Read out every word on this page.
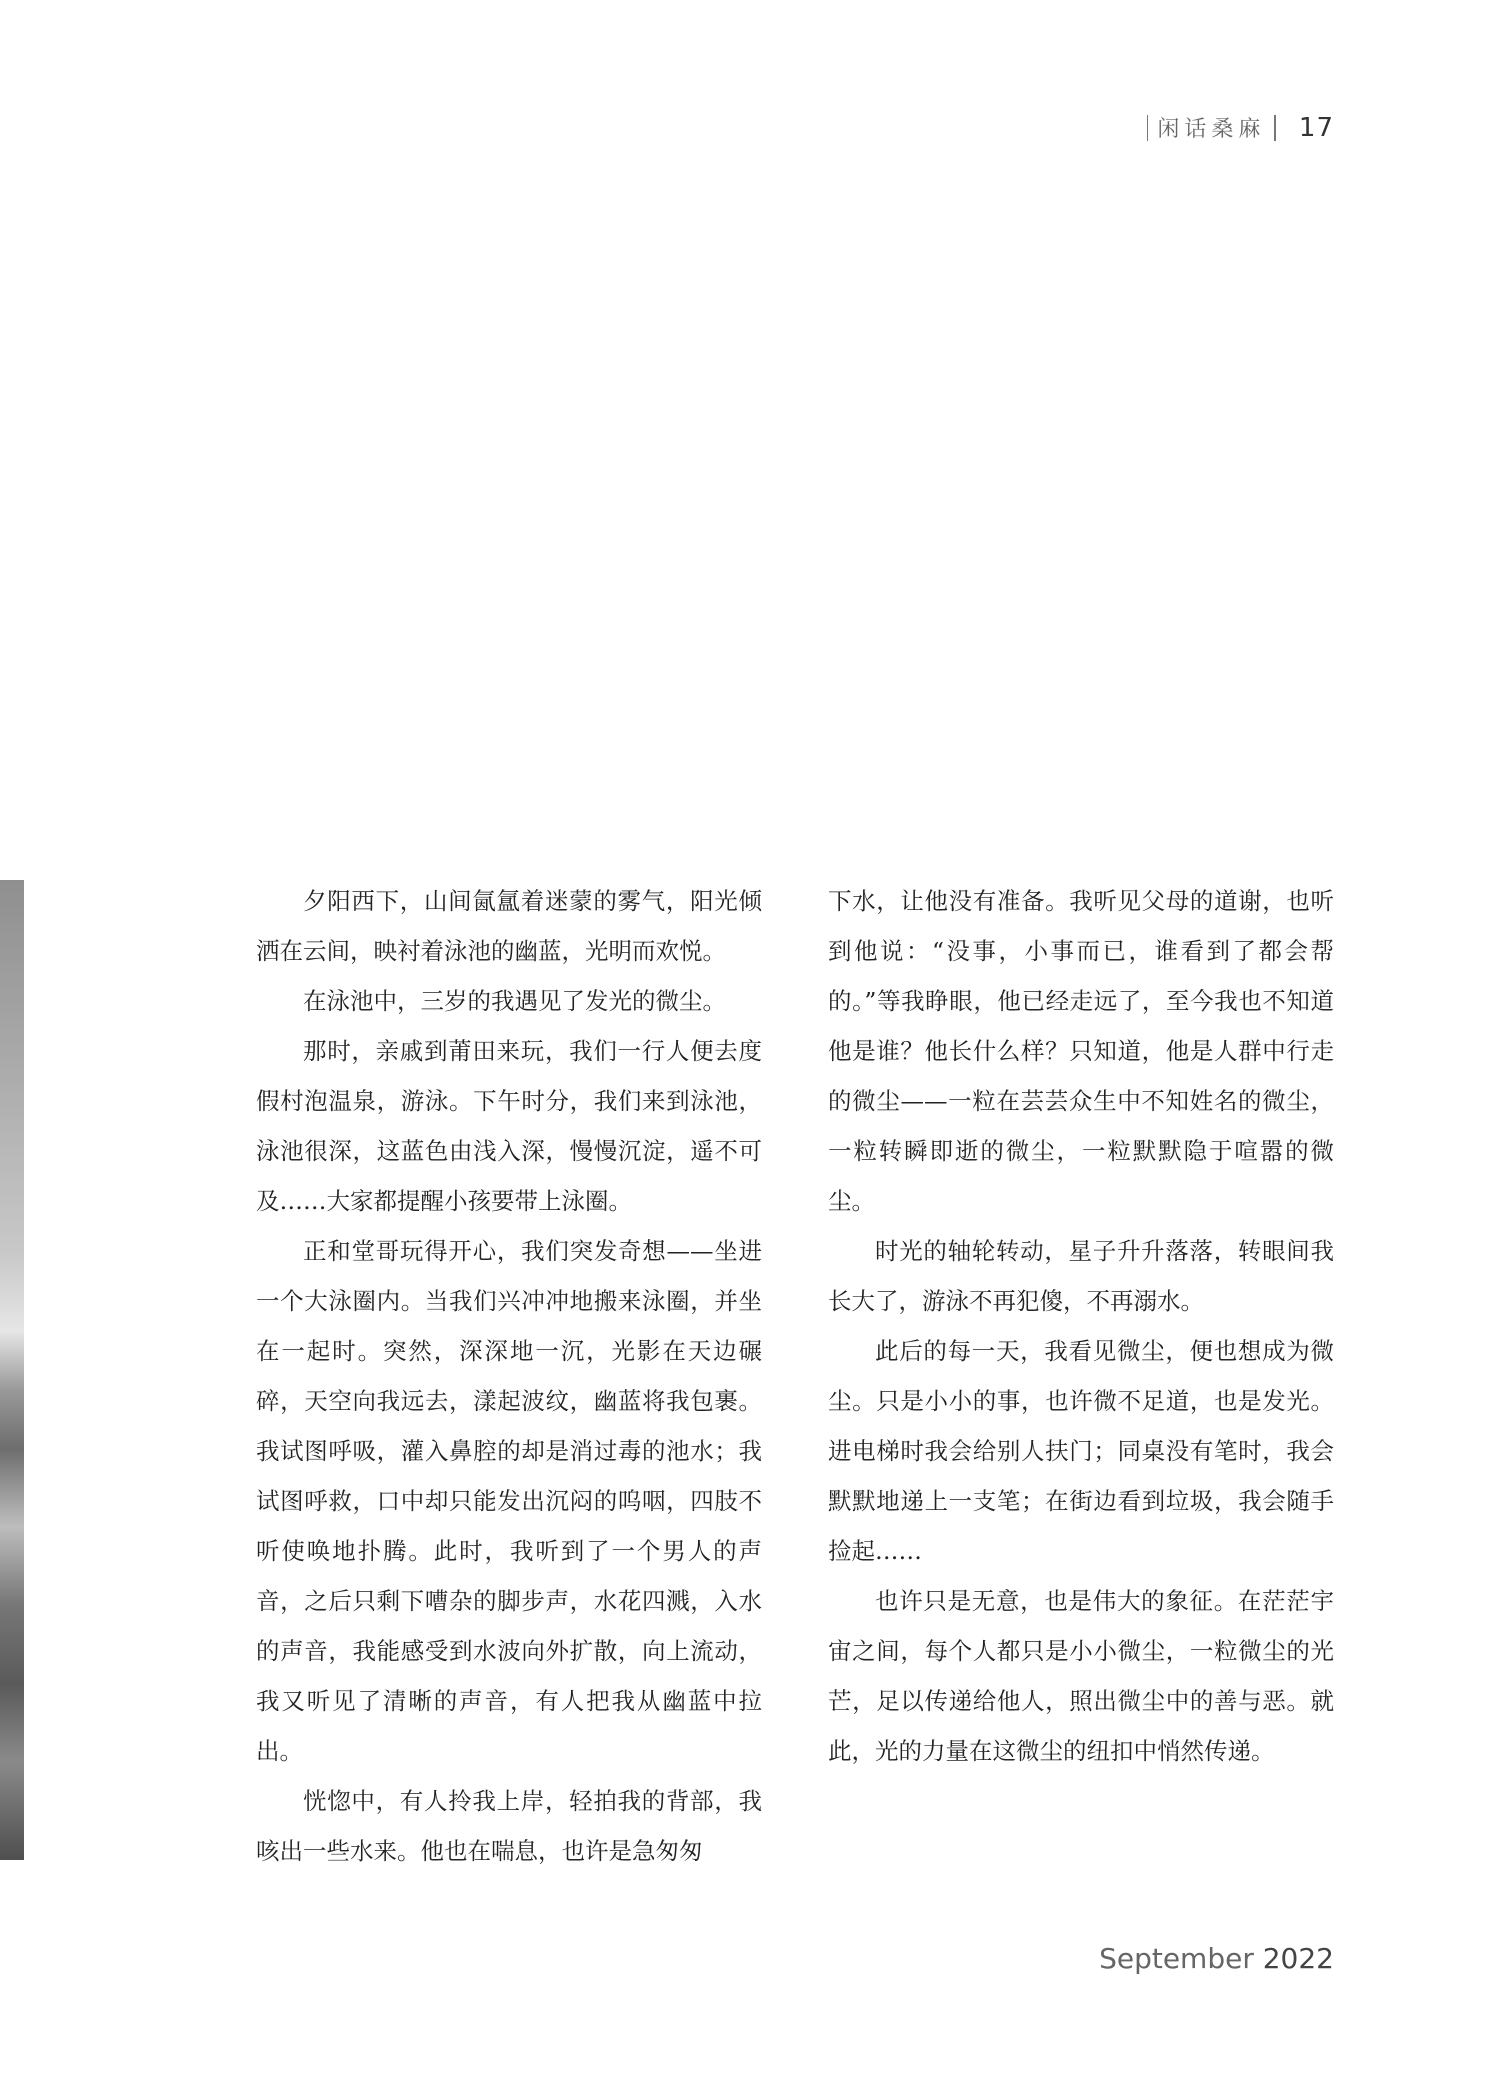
闲话桑麻 17

夕阳西下，山间氤氲着迷蒙的雾气，阳光倾洒在云间，映衬着泳池的幽蓝，光明而欢悦。

在泳池中，三岁的我遇见了发光的微尘。

那时，亲戚到莆田来玩，我们一行人便去度假村泡温泉，游泳。下午时分，我们来到泳池，泳池很深，这蓝色由浅入深，慢慢沉淀，遥不可及……大家都提醒小孩要带上泳圈。

正和堂哥玩得开心，我们突发奇想——坐进一个大泳圈内。当我们兴冲冲地搬来泳圈，并坐在一起时。突然，深深地一沉，光影在天边碾碎，天空向我远去，漾起波纹，幽蓝将我包裹。我试图呼吸，灌入鼻腔的却是消过毒的池水；我试图呼救，口中却只能发出沉闷的呜咽，四肢不听使唤地扑腾。此时，我听到了一个男人的声音，之后只剩下嘈杂的脚步声，水花四溅，入水的声音，我能感受到水波向外扩散，向上流动，我又听见了清晰的声音，有人把我从幽蓝中拉出。

恍惚中，有人拎我上岸，轻拍我的背部，我咳出一些水来。他也在喘息，也许是急匆匆

下水，让他没有准备。我听见父母的道谢，也听到他说：“没事，小事而已，谁看到了都会帮的。”等我睁眼，他已经走远了，至今我也不知道他是谁？他长什么样？只知道，他是人群中行走的微尘——一粒在芸芸众生中不知姓名的微尘，一粒转瞬即逝的微尘，一粒默默隐于喧嚣的微尘。

时光的轴轮转动，星子升升落落，转眼间我长大了，游泳不再犯傻，不再溺水。

此后的每一天，我看见微尘，便也想成为微尘。只是小小的事，也许微不足道，也是发光。进电梯时我会给别人扶门；同桌没有笔时，我会默默地递上一支笔；在街边看到垃圾，我会随手捡起……

也许只是无意，也是伟大的象征。在茫茫宇宙之间，每个人都只是小小微尘，一粒微尘的光芒，足以传递给他人，照出微尘中的善与恶。就此，光的力量在这微尘的纽扣中悄然传递。

September 2022
